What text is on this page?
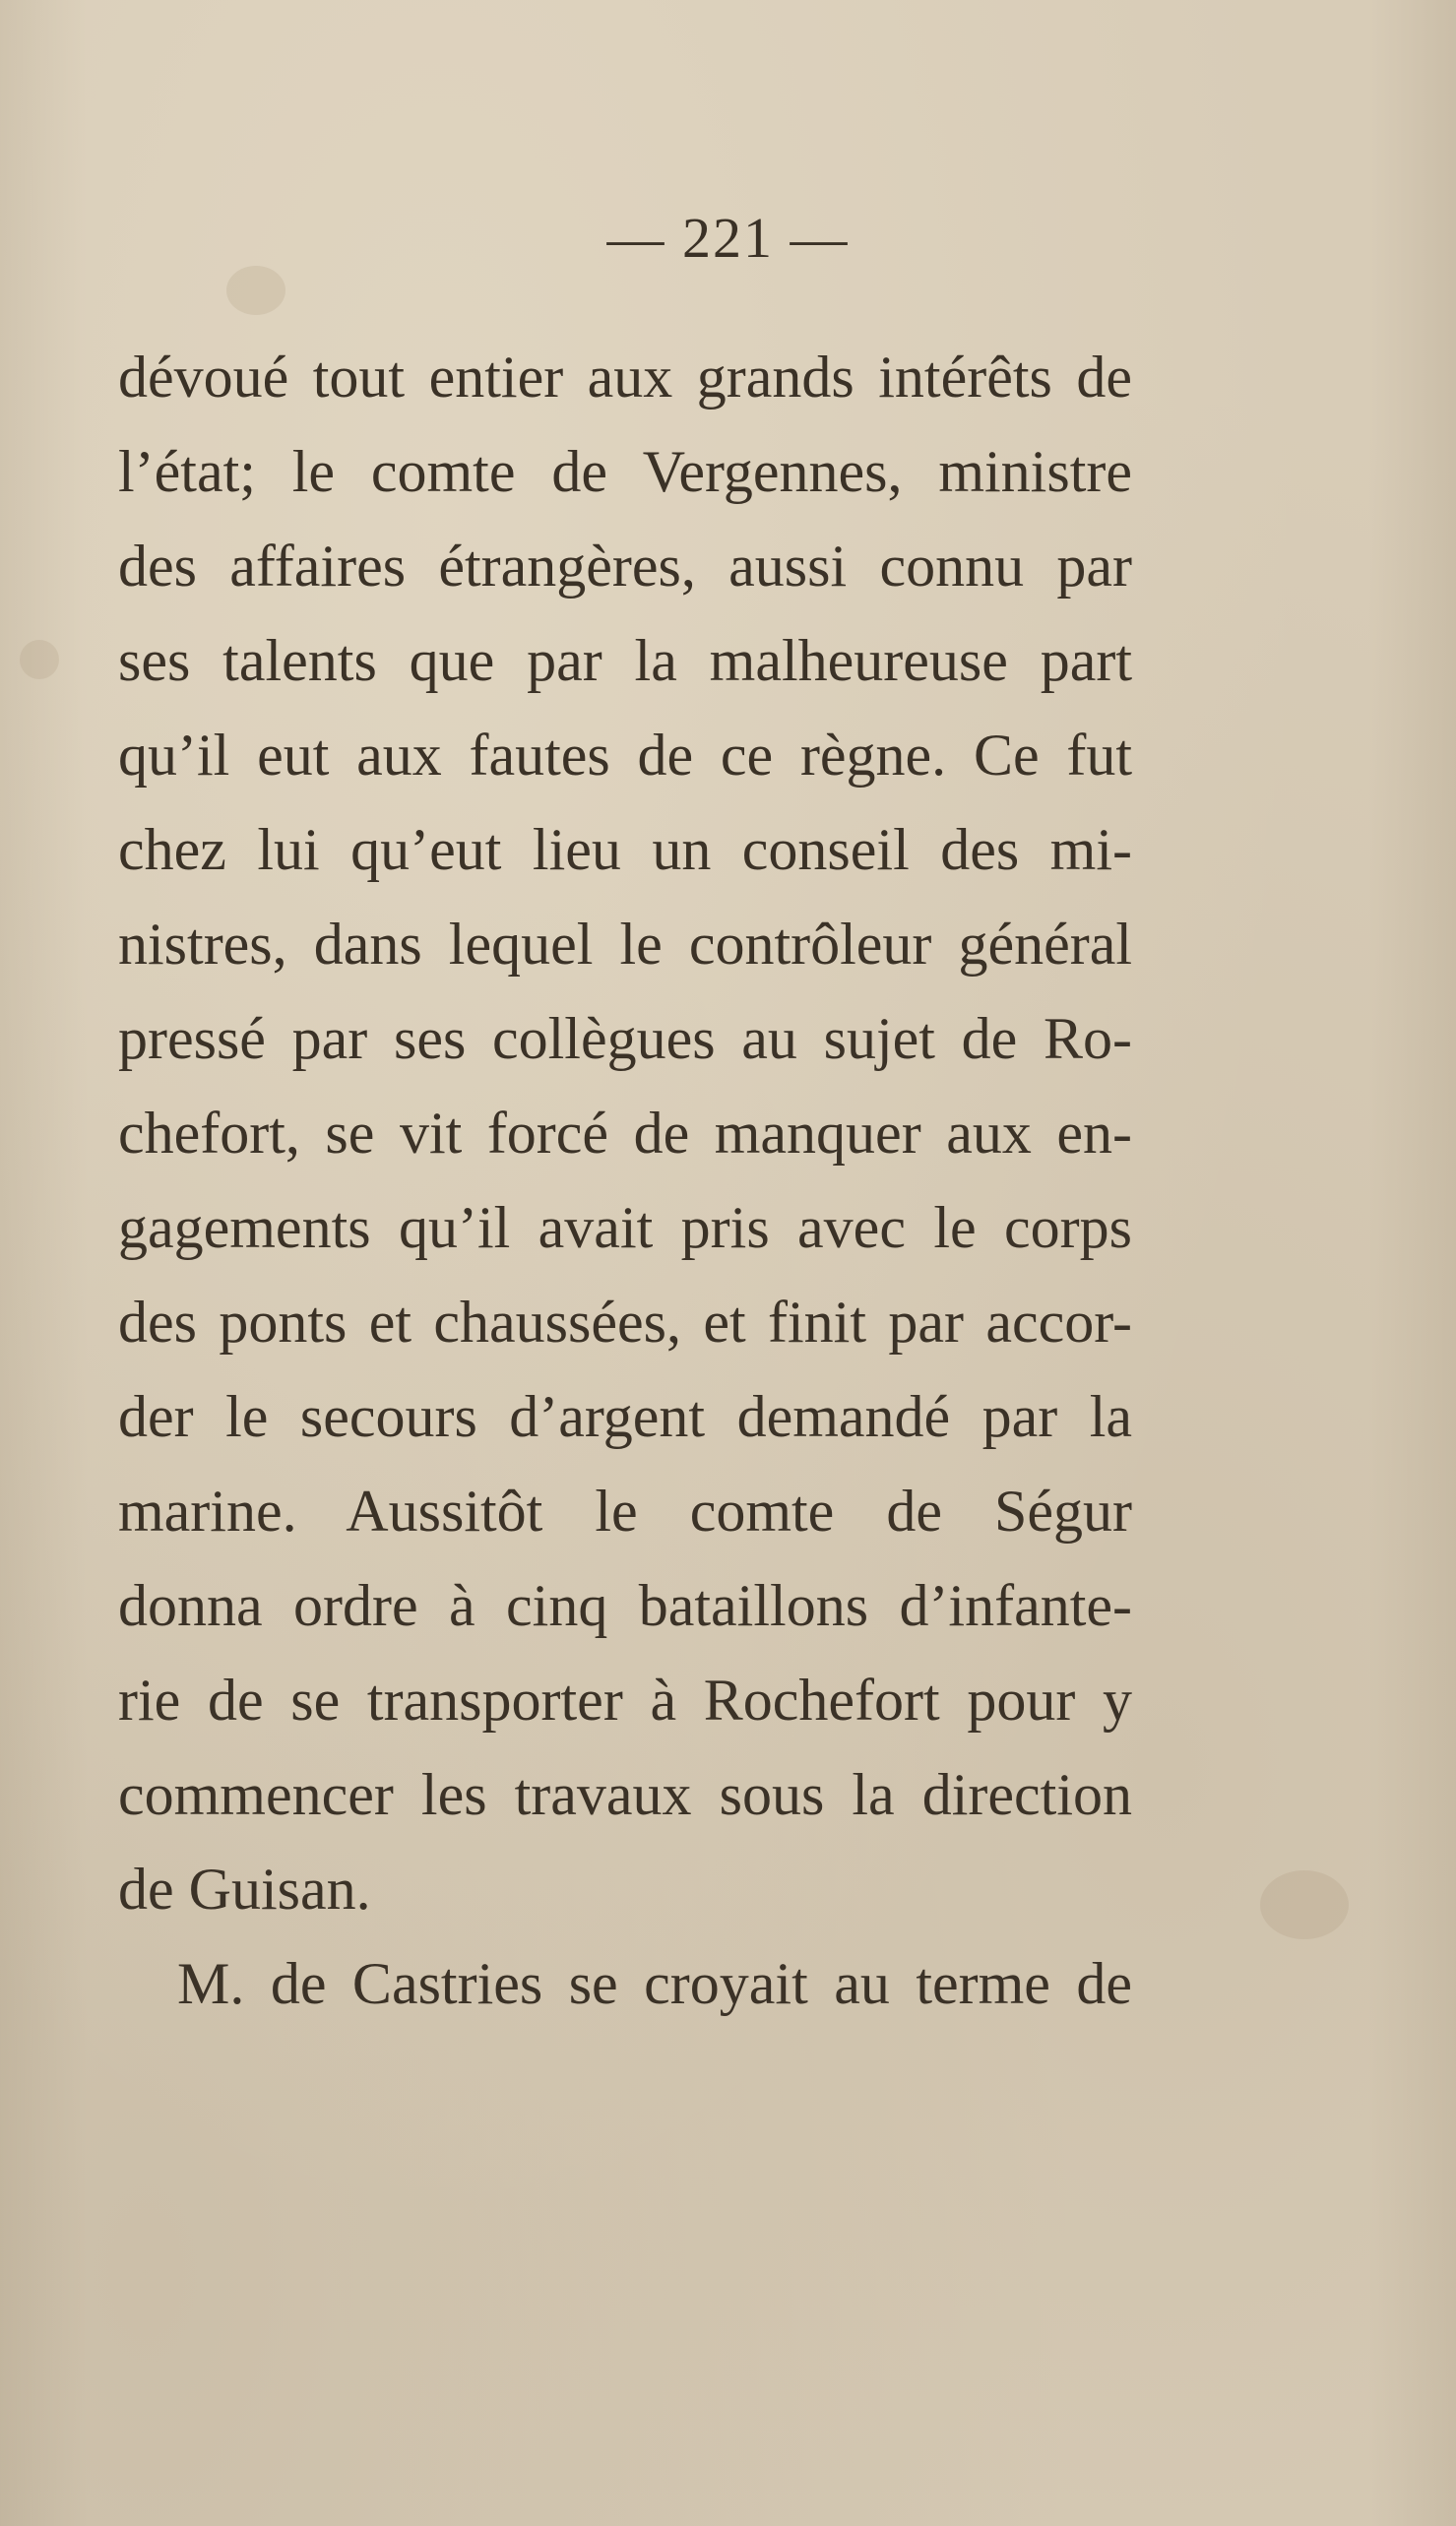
— 221 —
dévoué tout entier aux grands intérêts de
l’état; le comte de Vergennes, ministre
des affaires étrangères, aussi connu par
ses talents que par la malheureuse part
qu’il eut aux fautes de ce règne. Ce fut
chez lui qu’eut lieu un conseil des mi-
nistres, dans lequel le contrôleur général
pressé par ses collègues au sujet de Ro-
chefort, se vit forcé de manquer aux en-
gagements qu’il avait pris avec le corps
des ponts et chaussées, et finit par accor-
der le secours d’argent demandé par la
marine. Aussitôt le comte de Ségur
donna ordre à cinq bataillons d’infante-
rie de se transporter à Rochefort pour y
commencer les travaux sous la direction
de Guisan.
M. de Castries se croyait au terme de
